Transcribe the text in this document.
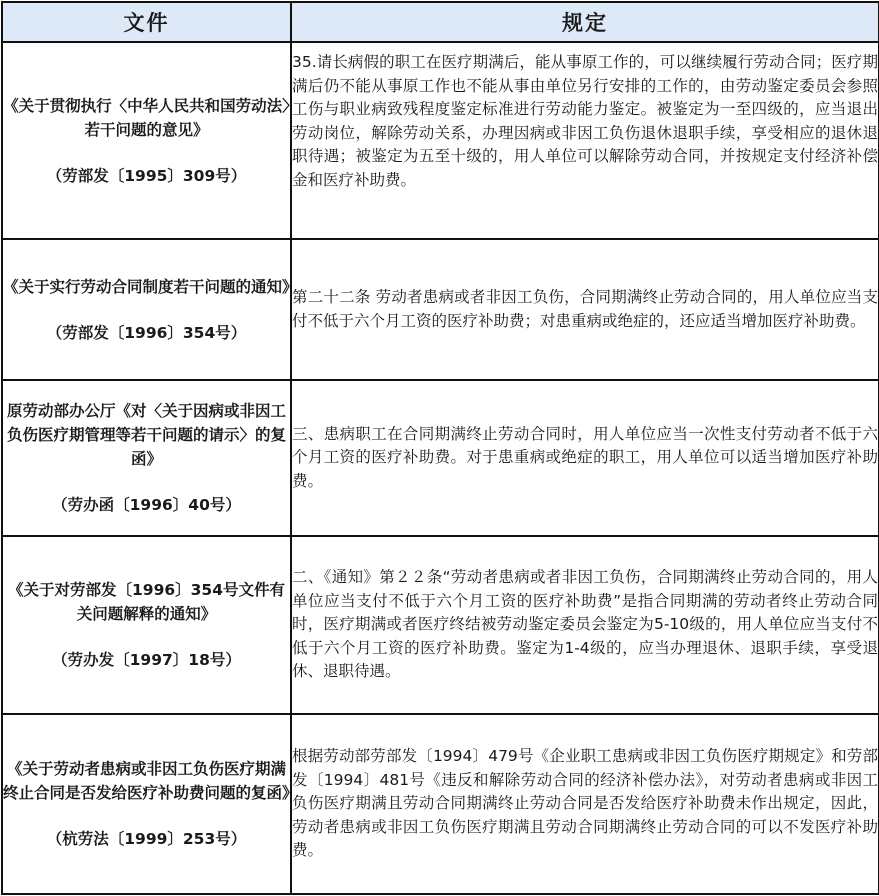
文件	规定

《关于贯彻执行〈中华人民共和国劳动法〉若干问题的意见》
（劳部发〔1995〕309号）	35.请长病假的职工在医疗期满后，能从事原工作的，可以继续履行劳动合同；医疗期满后仍不能从事原工作也不能从事由单位另行安排的工作的，由劳动鉴定委员会参照工伤与职业病致残程度鉴定标准进行劳动能力鉴定。被鉴定为一至四级的，应当退出劳动岗位，解除劳动关系，办理因病或非因工负伤退休退职手续，享受相应的退休退职待遇；被鉴定为五至十级的，用人单位可以解除劳动合同，并按规定支付经济补偿金和医疗补助费。

《关于实行劳动合同制度若干问题的通知》
（劳部发〔1996〕354号）	第二十二条 劳动者患病或者非因工负伤，合同期满终止劳动合同的，用人单位应当支付不低于六个月工资的医疗补助费；对患重病或绝症的，还应适当增加医疗补助费。

原劳动部办公厅《对〈关于因病或非因工负伤医疗期管理等若干问题的请示〉的复函》
（劳办函〔1996〕40号）	三、患病职工在合同期满终止劳动合同时，用人单位应当一次性支付劳动者不低于六个月工资的医疗补助费。对于患重病或绝症的职工，用人单位可以适当增加医疗补助费。

《关于对劳部发〔1996〕354号文件有关问题解释的通知》
（劳办发〔1997〕18号）	二、《通知》第２２条“劳动者患病或者非因工负伤，合同期满终止劳动合同的，用人单位应当支付不低于六个月工资的医疗补助费”是指合同期满的劳动者终止劳动合同时，医疗期满或者医疗终结被劳动鉴定委员会鉴定为5-10级的，用人单位应当支付不低于六个月工资的医疗补助费。鉴定为1-4级的，应当办理退休、退职手续，享受退休、退职待遇。

《关于劳动者患病或非因工负伤医疗期满终止合同是否发给医疗补助费问题的复函》
（杭劳法〔1999〕253号）	根据劳动部劳部发〔1994〕479号《企业职工患病或非因工负伤医疗期规定》和劳部发〔1994〕481号《违反和解除劳动合同的经济补偿办法》，对劳动者患病或非因工负伤医疗期满且劳动合同期满终止劳动合同是否发给医疗补助费未作出规定，因此，劳动者患病或非因工负伤医疗期满且劳动合同期满终止劳动合同的可以不发医疗补助费。
